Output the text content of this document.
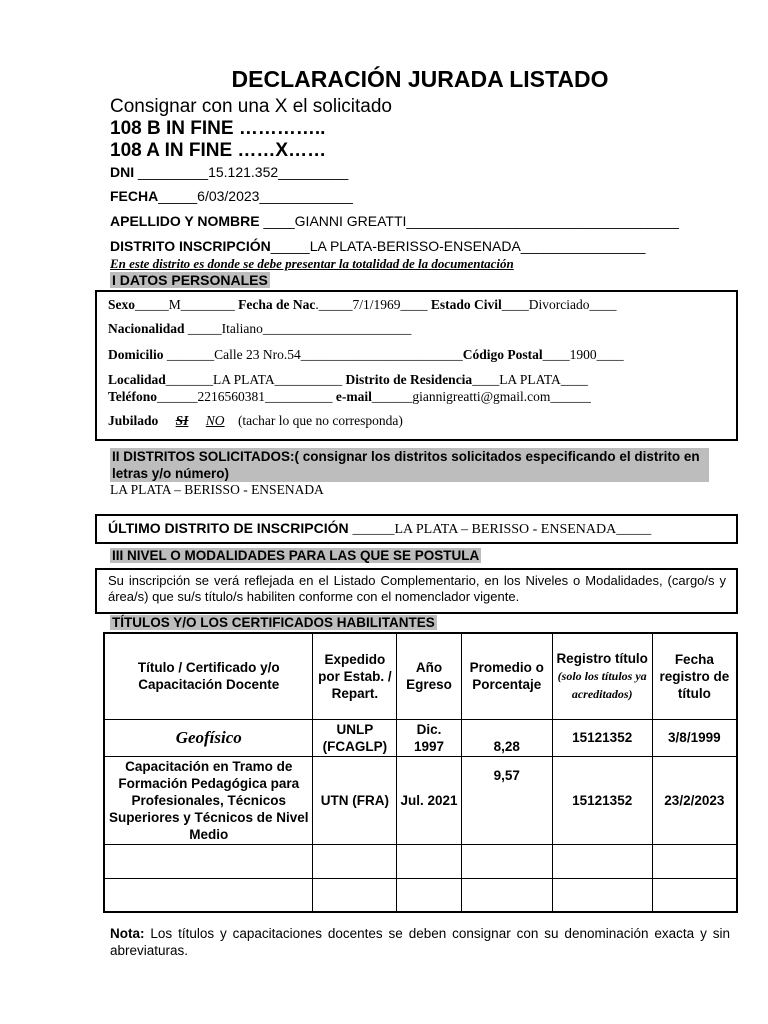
DECLARACIÓN JURADA LISTADO
Consignar con una X el solicitado
108 B IN FINE …………..
108 A IN FINE ……X……
DNI _________15.121.352_________
FECHA_____6/03/2023____________
APELLIDO Y NOMBRE ____GIANNI GREATTI___________________________________
DISTRITO INSCRIPCIÓN_____LA PLATA-BERISSO-ENSENADA________________
En este distrito es donde se debe presentar la totalidad de la documentación
I DATOS PERSONALES
Sexo_____M________ Fecha de Nac._____7/1/1969____ Estado Civil____Divorciado____
Nacionalidad _____Italiano______________________
Domicilio _______Calle 23 Nro.54________________________Código Postal____1900____
Localidad_______LA PLATA__________ Distrito de Residencia____LA PLATA____
Teléfono______2216560381__________ e-mail______giannigreatti@gmail.com______
Jubilado SI NO (tachar lo que no corresponda)
II DISTRITOS SOLICITADOS:( consignar los distritos solicitados especificando el distrito en letras y/o número)
LA PLATA – BERISSO - ENSENADA
ÚLTIMO DISTRITO DE INSCRIPCIÓN ______LA PLATA – BERISSO - ENSENADA_____
III NIVEL O MODALIDADES PARA LAS QUE SE POSTULA
Su inscripción se verá reflejada en el Listado Complementario, en los Niveles o Modalidades, (cargo/s y área/s) que su/s título/s habiliten conforme con el nomenclador vigente.
TÍTULOS Y/O LOS CERTIFICADOS HABILITANTES
Título / Certificado y/o Capacitación Docente	Expedido por Estab. / Repart.	Año Egreso	Promedio o Porcentaje	Registro título (solo los títulos ya acreditados)	Fecha registro de título
Geofísico	UNLP (FCAGLP)	Dic. 1997	8,28	15121352	3/8/1999
Capacitación en Tramo de Formación Pedagógica para Profesionales, Técnicos Superiores y Técnicos de Nivel Medio	UTN (FRA)	Jul. 2021	9,57	15121352	23/2/2023

Nota: Los títulos y capacitaciones docentes se deben consignar con su denominación exacta y sin abreviaturas.
